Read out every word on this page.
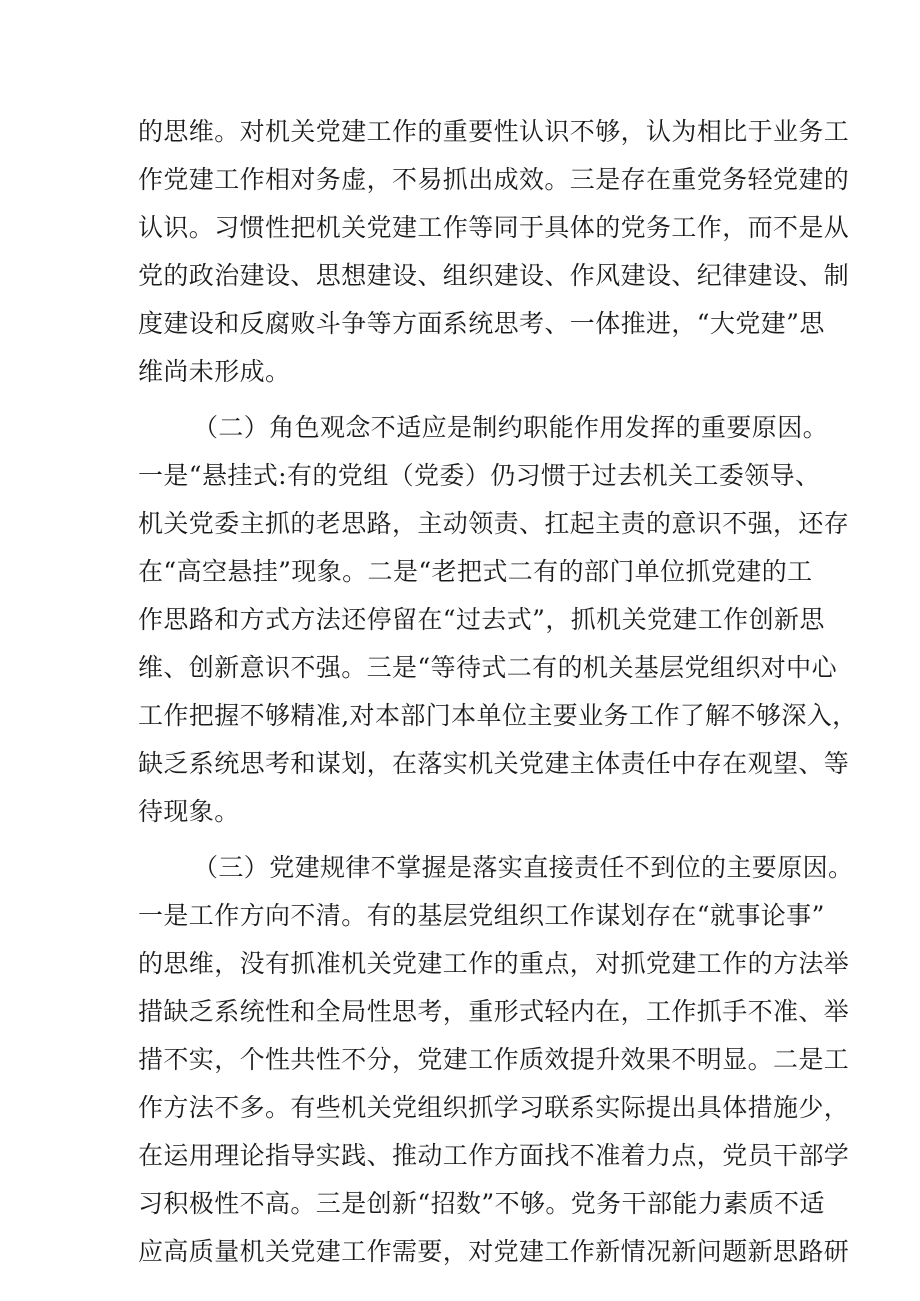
的思维。对机关党建工作的重要性认识不够，认为相比于业务工
作党建工作相对务虚，不易抓出成效。三是存在重党务轻党建的
认识。习惯性把机关党建工作等同于具体的党务工作，而不是从
党的政治建设、思想建设、组织建设、作风建设、纪律建设、制
度建设和反腐败斗争等方面系统思考、一体推进，“大党建”思
维尚未形成。
（二）角色观念不适应是制约职能作用发挥的重要原因。
一是“悬挂式:有的党组（党委）仍习惯于过去机关工委领导、
机关党委主抓的老思路，主动领责、扛起主责的意识不强，还存
在“高空悬挂”现象。二是“老把式二有的部门单位抓党建的工
作思路和方式方法还停留在“过去式”，抓机关党建工作创新思
维、创新意识不强。三是“等待式二有的机关基层党组织对中心
工作把握不够精准,对本部门本单位主要业务工作了解不够深入，
缺乏系统思考和谋划，在落实机关党建主体责任中存在观望、等
待现象。
（三）党建规律不掌握是落实直接责任不到位的主要原因。
一是工作方向不清。有的基层党组织工作谋划存在“就事论事”
的思维，没有抓准机关党建工作的重点，对抓党建工作的方法举
措缺乏系统性和全局性思考，重形式轻内在，工作抓手不准、举
措不实，个性共性不分，党建工作质效提升效果不明显。二是工
作方法不多。有些机关党组织抓学习联系实际提出具体措施少，
在运用理论指导实践、推动工作方面找不准着力点，党员干部学
习积极性不高。三是创新“招数”不够。党务干部能力素质不适
应高质量机关党建工作需要，对党建工作新情况新问题新思路研
